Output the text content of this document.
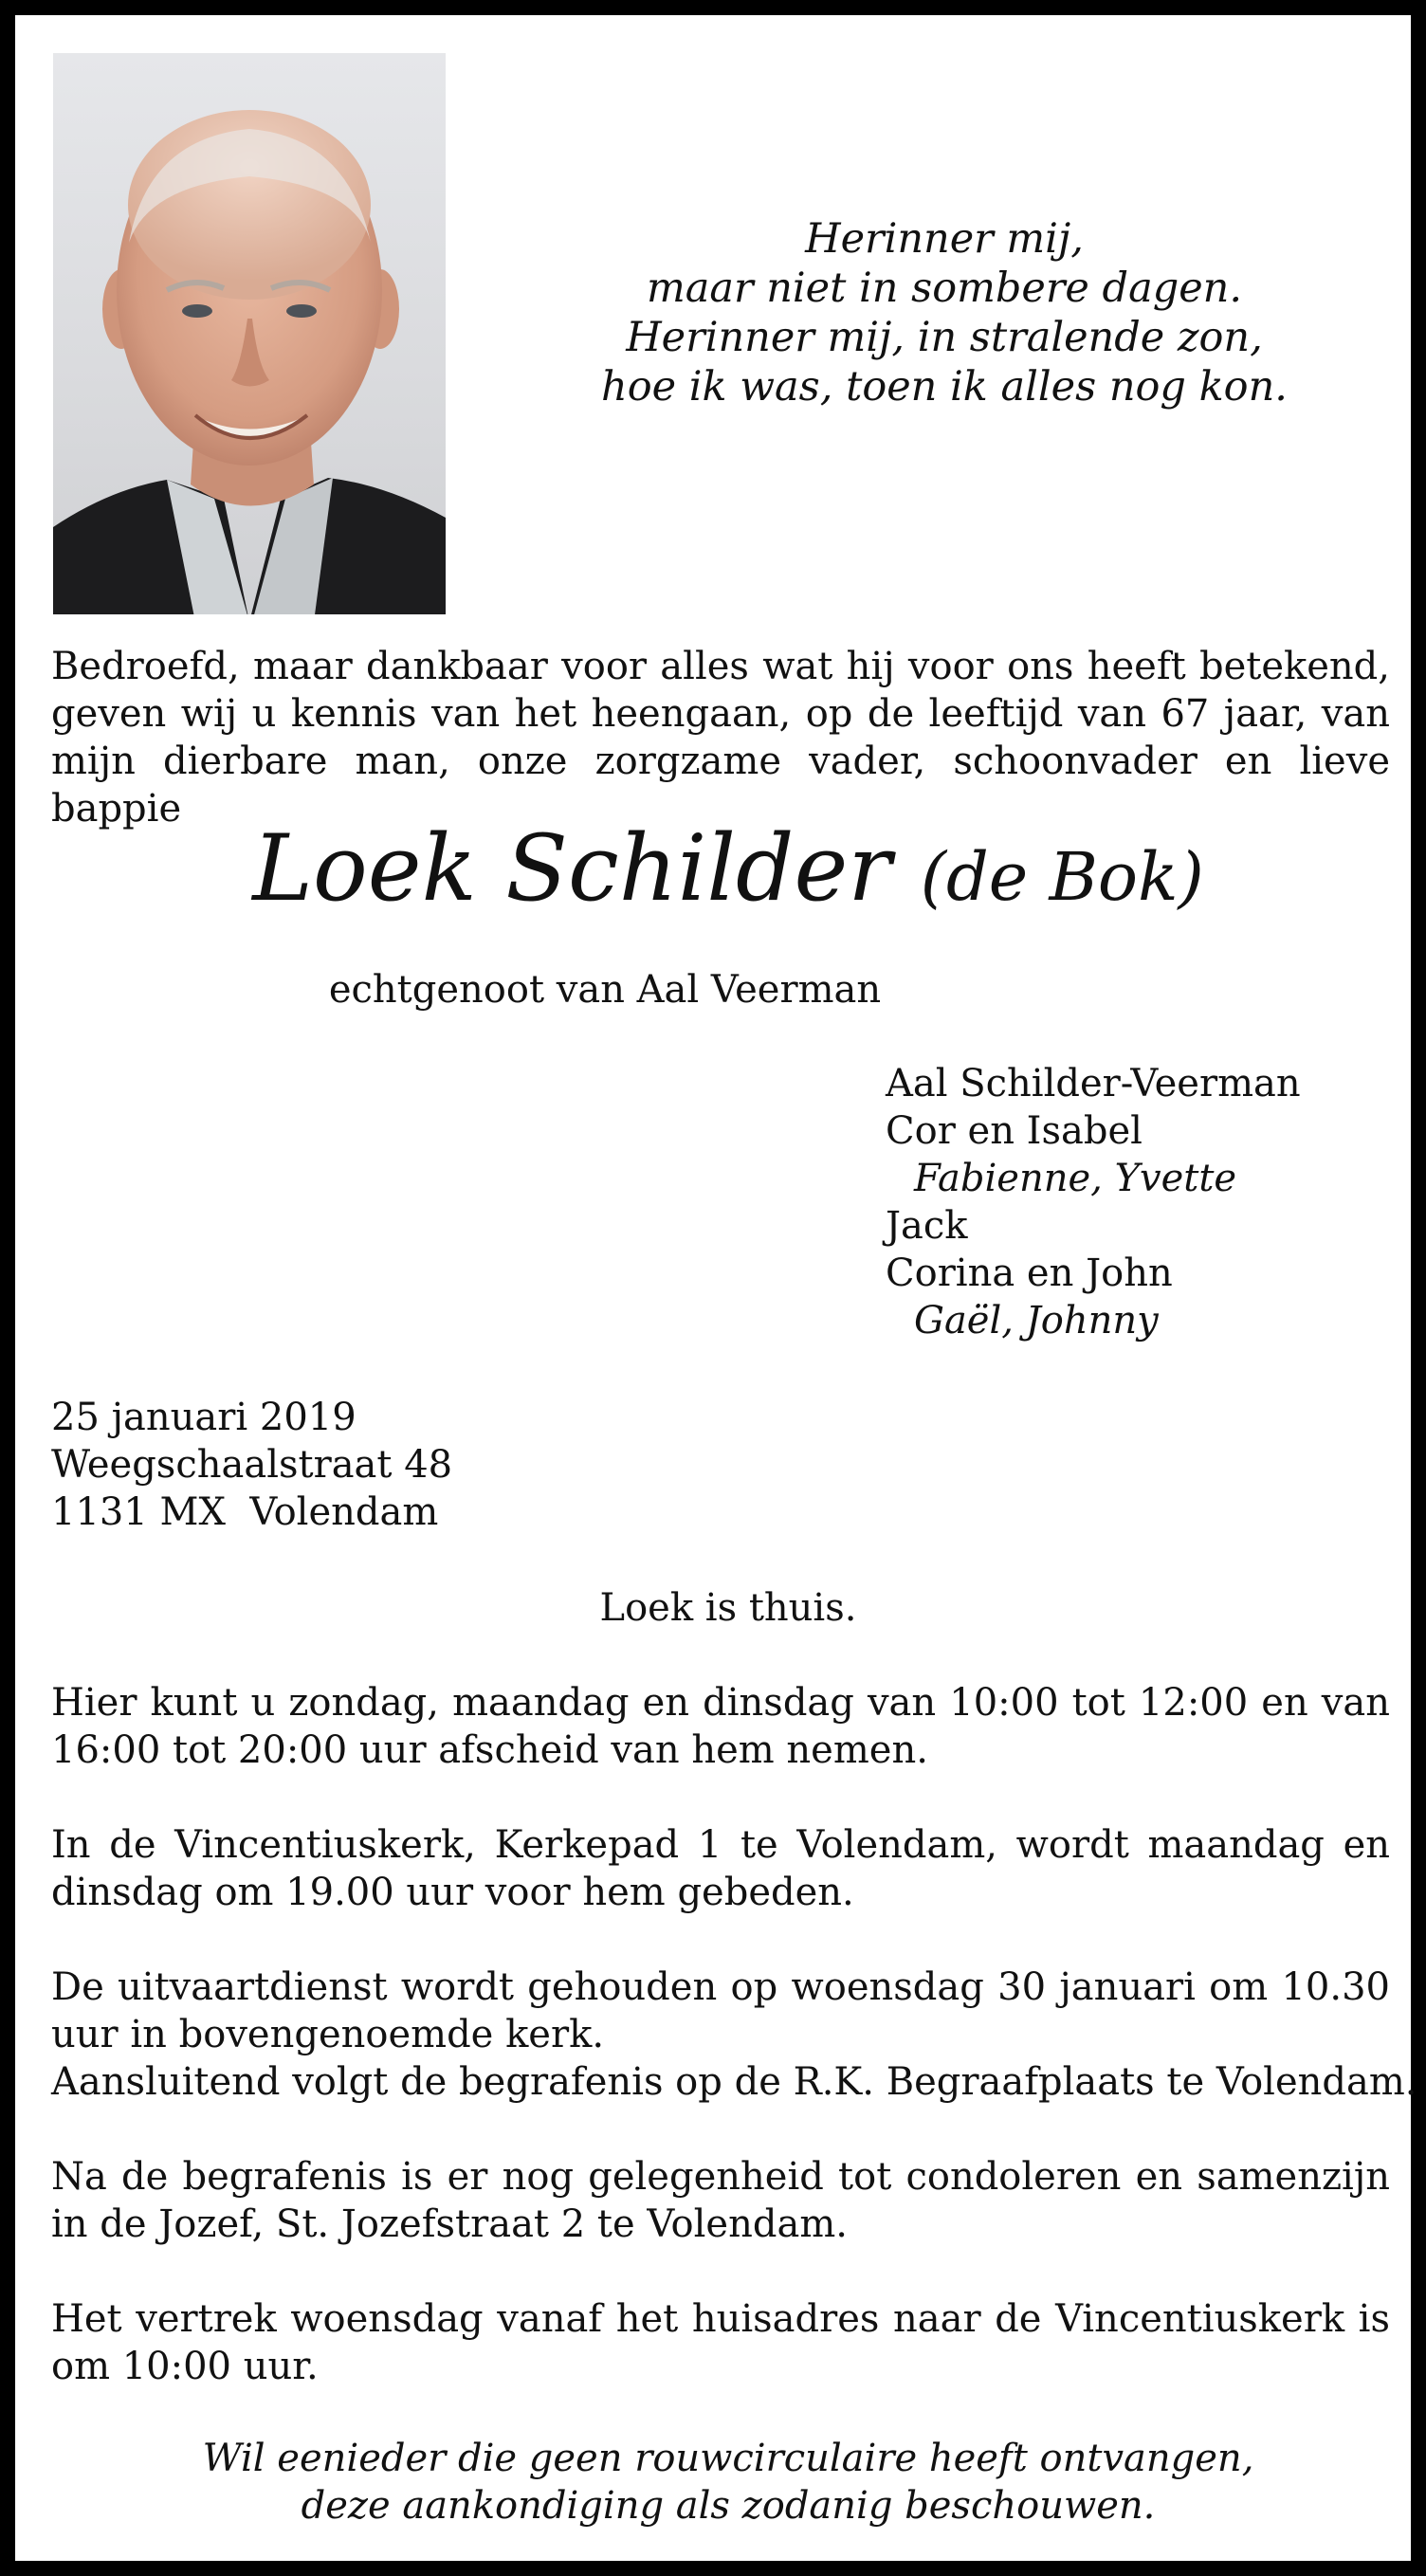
Herinner mij,
maar niet in sombere dagen.
Herinner mij, in stralende zon,
hoe ik was, toen ik alles nog kon.

Bedroefd, maar dankbaar voor alles wat hij voor ons heeft betekend, geven wij u kennis van het heengaan, op de leeftijd van 67 jaar, van mijn dierbare man, onze zorgzame vader, schoonvader en lieve bappie

Loek Schilder (de Bok)
echtgenoot van Aal Veerman
Aal Schilder-Veerman
Cor en Isabel
Fabienne, Yvette
Jack
Corina en John
Gaël, Johnny
25 januari 2019
Weegschaalstraat 48
1131 MX  Volendam
Loek is thuis.

Hier kunt u zondag, maandag en dinsdag van 10:00 tot 12:00 en van 16:00 tot 20:00 uur afscheid van hem nemen.

In de Vincentiuskerk, Kerkepad 1 te Volendam, wordt maandag en dinsdag om 19.00 uur voor hem gebeden.

De uitvaartdienst wordt gehouden op woensdag 30 januari om 10.30 uur in bovengenoemde kerk.
Aansluitend volgt de begrafenis op de R.K. Begraafplaats te Volendam.

Na de begrafenis is er nog gelegenheid tot condoleren en samenzijn in de Jozef, St. Jozefstraat 2 te Volendam.

Het vertrek woensdag vanaf het huisadres naar de Vincentiuskerk is om 10:00 uur.

Wil eenieder die geen rouwcirculaire heeft ontvangen,
deze aankondiging als zodanig beschouwen.
